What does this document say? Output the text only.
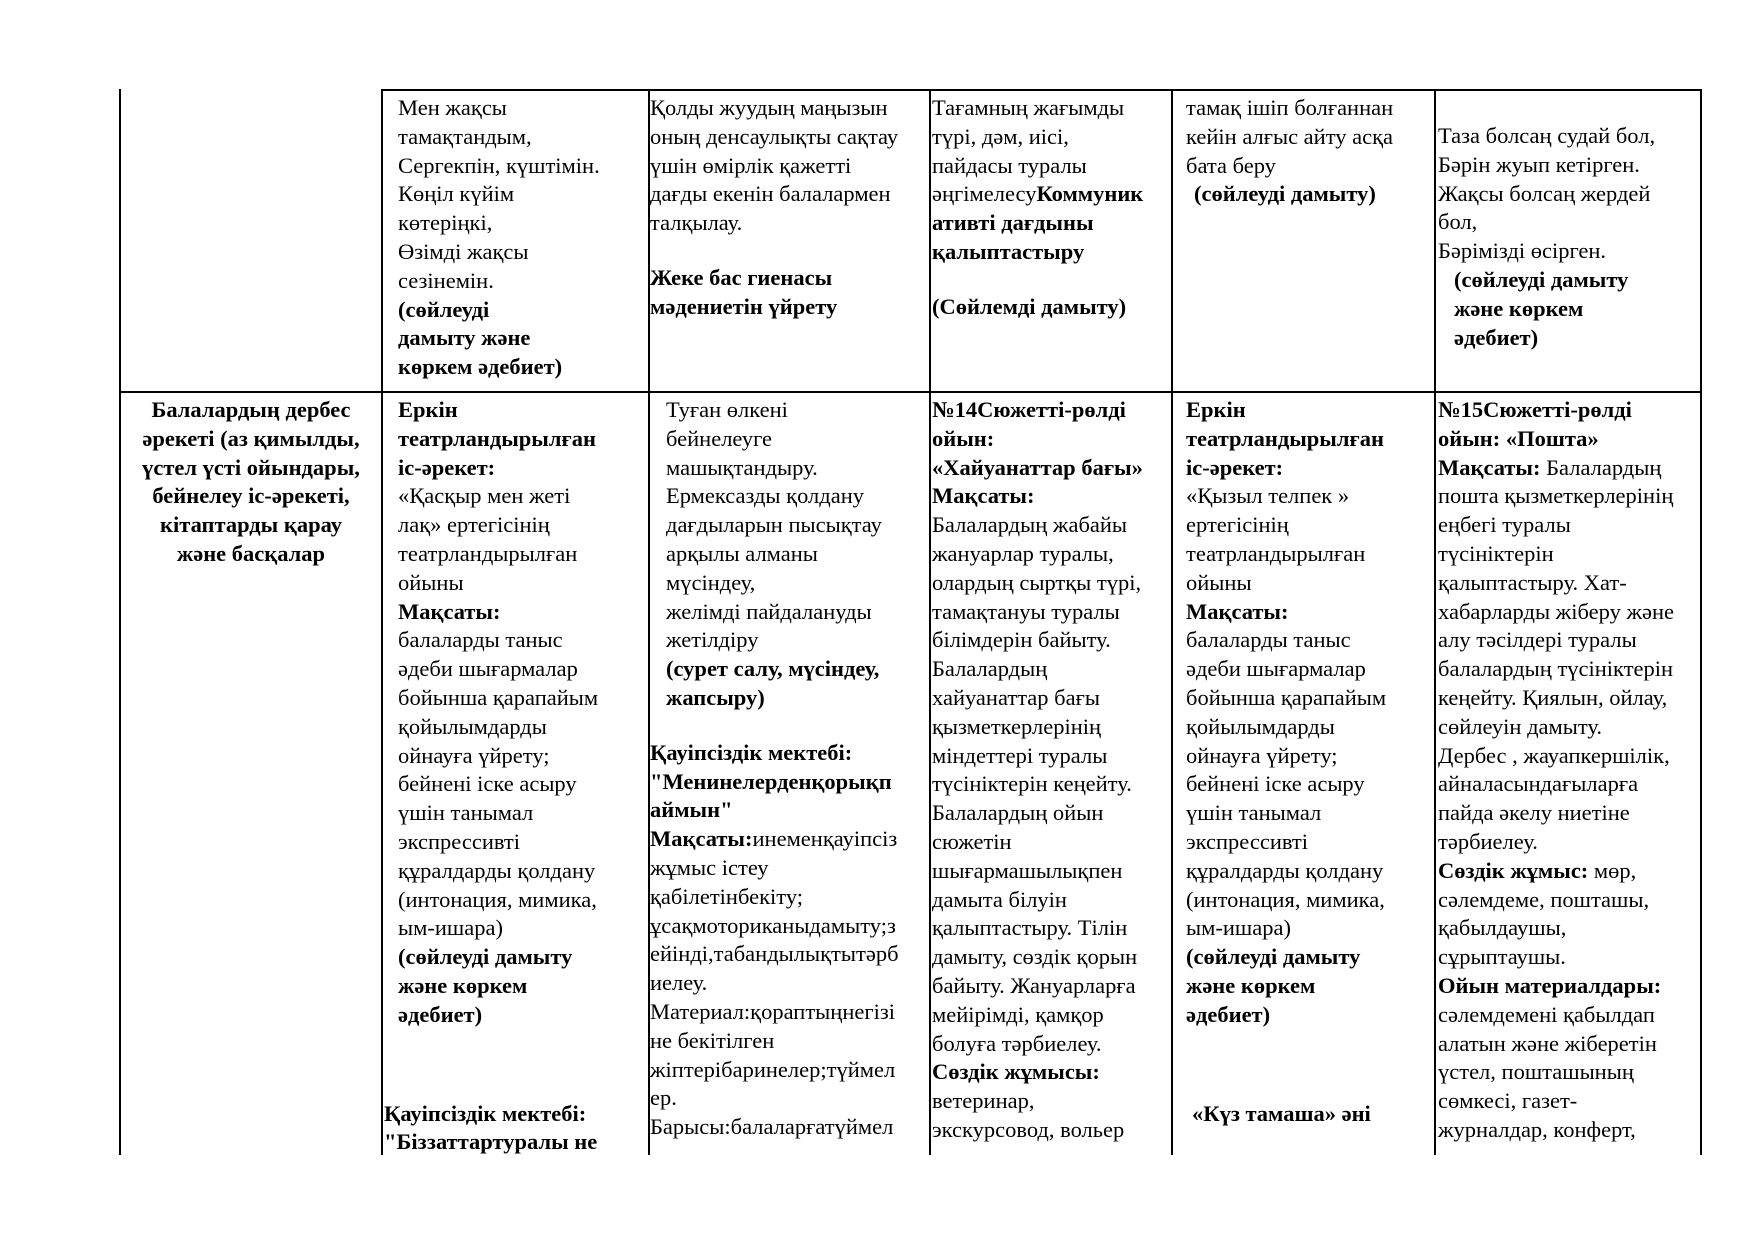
Мен жақсы
тамақтандым,
Сергекпін, күштімін.
Көңіл күйім
көтеріңкі,
Өзімді жақсы
сезінемін.

(сөйлеуді
дамыту және
көркем әдебиет)

Қолды жуудың маңызын
оның денсаулықты сақтау
үшін өмірлік қажетті
дағды екенін балалармен
талқылау.

Жеке бас гиенасы
мәдениетін үйрету

Тағамның жағымды
түрі, дәм, иісі,
пайдасы туралы
әңгімелесу

Коммуник
ативті дағдыны
қалыптастыру

(Сөйлемді дамыту)

тамақ ішіп болғаннан
кейін алғыс айту асқа
бата беру

(сөйлеуді дамыту)

Таза болсаң судай бол,
Бәрін жуып кетірген.
Жақсы болсаң жердей
бол,
Бәрімізді өсірген.

(сөйлеуді дамыту
және көркем
әдебиет)

Балалардың дербес
әрекеті (аз қимылды,
үстел үсті ойындары,
бейнелеу іс-әрекеті,
кітаптарды қарау
және басқалар

Еркін
театрландырылған
іс-әрекет:

«Қасқыр мен жеті
лақ» ертегісінің
театрландырылған
ойыны

Мақсаты:

балаларды таныс
әдеби шығармалар
бойынша қарапайым
қойылымдарды
ойнауға үйрету;
бейнені іске асыру
үшін танымал
экспрессивті
құралдарды қолдану
(интонация, мимика,
ым-ишара)

(сөйлеуді дамыту
және көркем
әдебиет)

Қауіпсіздік мектебі:
"Біззаттартуралы не

Туған өлкені
бейнелеуге
машықтандыру.
Ермексазды қолдану
дағдыларын пысықтау
арқылы алманы
мүсіндеу,
желімді пайдалануды
жетілдіру

(сурет салу, мүсіндеу,
жапсыру)

Қауіпсіздік мектебі:
"Менинелерденқорықп
аймын"

Мақсаты:инеменқауіпсіз
жұмыс істеу
қабілетінбекіту;
ұсақмоториканыдамыту;з
ейінді,табандылықтытәрб
иелеу.
Материал:қораптыңнегізі
не бекітілген
жіптерібаринелер;түймел
ер.
Барысы:балаларғатүймел

№14Сюжетті-рөлді
ойын:
«Хайуанаттар бағы»

Мақсаты:

Балалардың жабайы
жануарлар туралы,
олардың сыртқы түрі,
тамақтануы туралы
білімдерін байыту.
Балалардың
хайуанаттар бағы
қызметкерлерінің
міндеттері туралы
түсініктерін кеңейту.
Балалардың ойын
сюжетін
шығармашылықпен
дамыта білуін
қалыптастыру. Тілін
дамыту, сөздік қорын
байыту. Жануарларға
мейірімді, қамқор
болуға тәрбиелеу.

Сөздік жұмысы:

ветеринар,
экскурсовод, вольер

Еркін
театрландырылған
іс-әрекет:

«Қызыл телпек »
ертегісінің
театрландырылған
ойыны

Мақсаты:

балаларды таныс
әдеби шығармалар
бойынша қарапайым
қойылымдарды
ойнауға үйрету;
бейнені іске асыру
үшін танымал
экспрессивті
құралдарды қолдану
(интонация, мимика,
ым-ишара)

(сөйлеуді дамыту
және көркем
әдебиет)

«Күз тамаша» әні

№15Сюжетті-рөлді
ойын: «Пошта»

Мақсаты: Балалардың
пошта қызметкерлерінің
еңбегі туралы
түсініктерін
қалыптастыру. Хат-
хабарларды жіберу және
алу тәсілдері туралы
балалардың түсініктерін
кеңейту. Қиялын, ойлау,
сөйлеуін дамыту.
Дербес , жауапкершілік,
айналасындағыларға
пайда әкелу ниетіне
тәрбиелеу.

Сөздік жұмыс: мөр,
сәлемдеме, пошташы,
қабылдаушы,
сұрыптаушы.

Ойын материалдары:

сәлемдемені қабылдап
алатын және жіберетін
үстел, пошташының
сөмкесі, газет-
журналдар, конферт,
